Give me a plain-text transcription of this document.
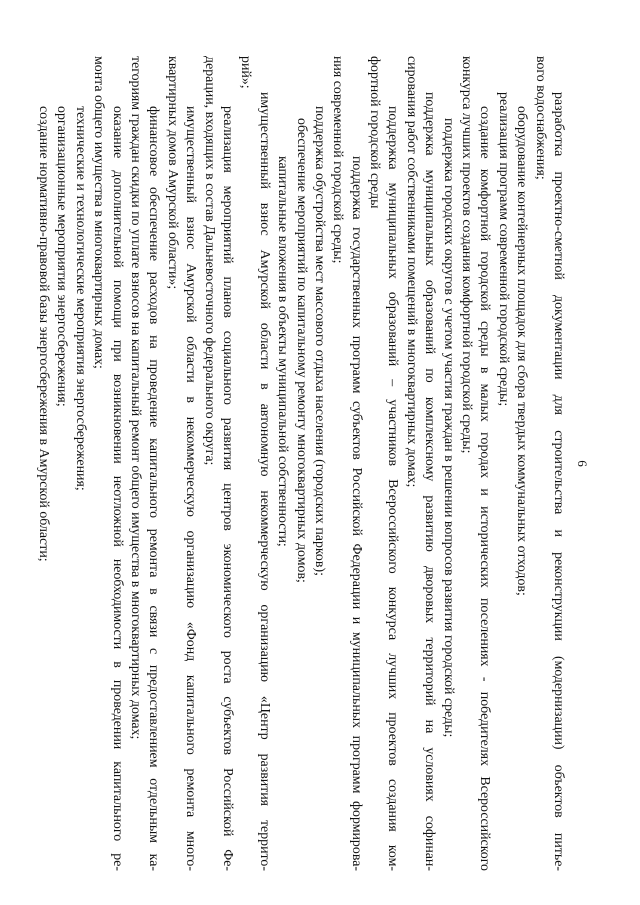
6
разработка проектно-сметной документации для строительства и реконструкции (модернизации) объектов питье-
вого водоснабжения;
оборудование контейнерных площадок для сбора твердых коммунальных отходов;
реализация программ современной городской среды;
создание комфортной городской среды в малых городах и исторических поселениях - победителях Всероссийского
конкурса лучших проектов создания комфортной городской среды;
поддержка городских округов с учетом участия граждан в решении вопросов развития городской среды;
поддержка муниципальных образований по комплексному развитию дворовых территорий на условиях софинан-
сирования работ собственниками помещений в многоквартирных домах;
поддержка муниципальных образований – участников Всероссийского конкурса лучших проектов создания ком-
фортной городской среды
поддержка государственных программ субъектов Российской Федерации и муниципальных программ формирова-
ния современной городской среды;
поддержка обустройства мест массового отдыха населения (городских парков);
обеспечение мероприятий по капитальному ремонту многоквартирных домов;
капитальные вложения в объекты муниципальной собственности;
имущественный взнос Амурской области в автономную некоммерческую организацию «Центр развития террито-
рий»;
реализация мероприятий планов социального развития центров экономического роста субъектов Российской Фе-
дерации, входящих в состав Дальневосточного федерального округа;
имущественный взнос Амурской области в некоммерческую организацию «Фонд капитального ремонта много-
квартирных домов Амурской области»;
финансовое обеспечение расходов на проведение капитального ремонта в связи с предоставлением отдельным ка-
тегориям граждан скидки по уплате взносов на капитальный ремонт общего имущества в многоквартирных домах;
оказание дополнительной помощи при возникновении неотложной необходимости в проведении капитального ре-
монта общего имущества в многоквартирных домах;
технические и технологические мероприятия энергосбережения;
организационные мероприятия энергосбережения;
создание нормативно-правовой базы энергосбережения в Амурской области;
